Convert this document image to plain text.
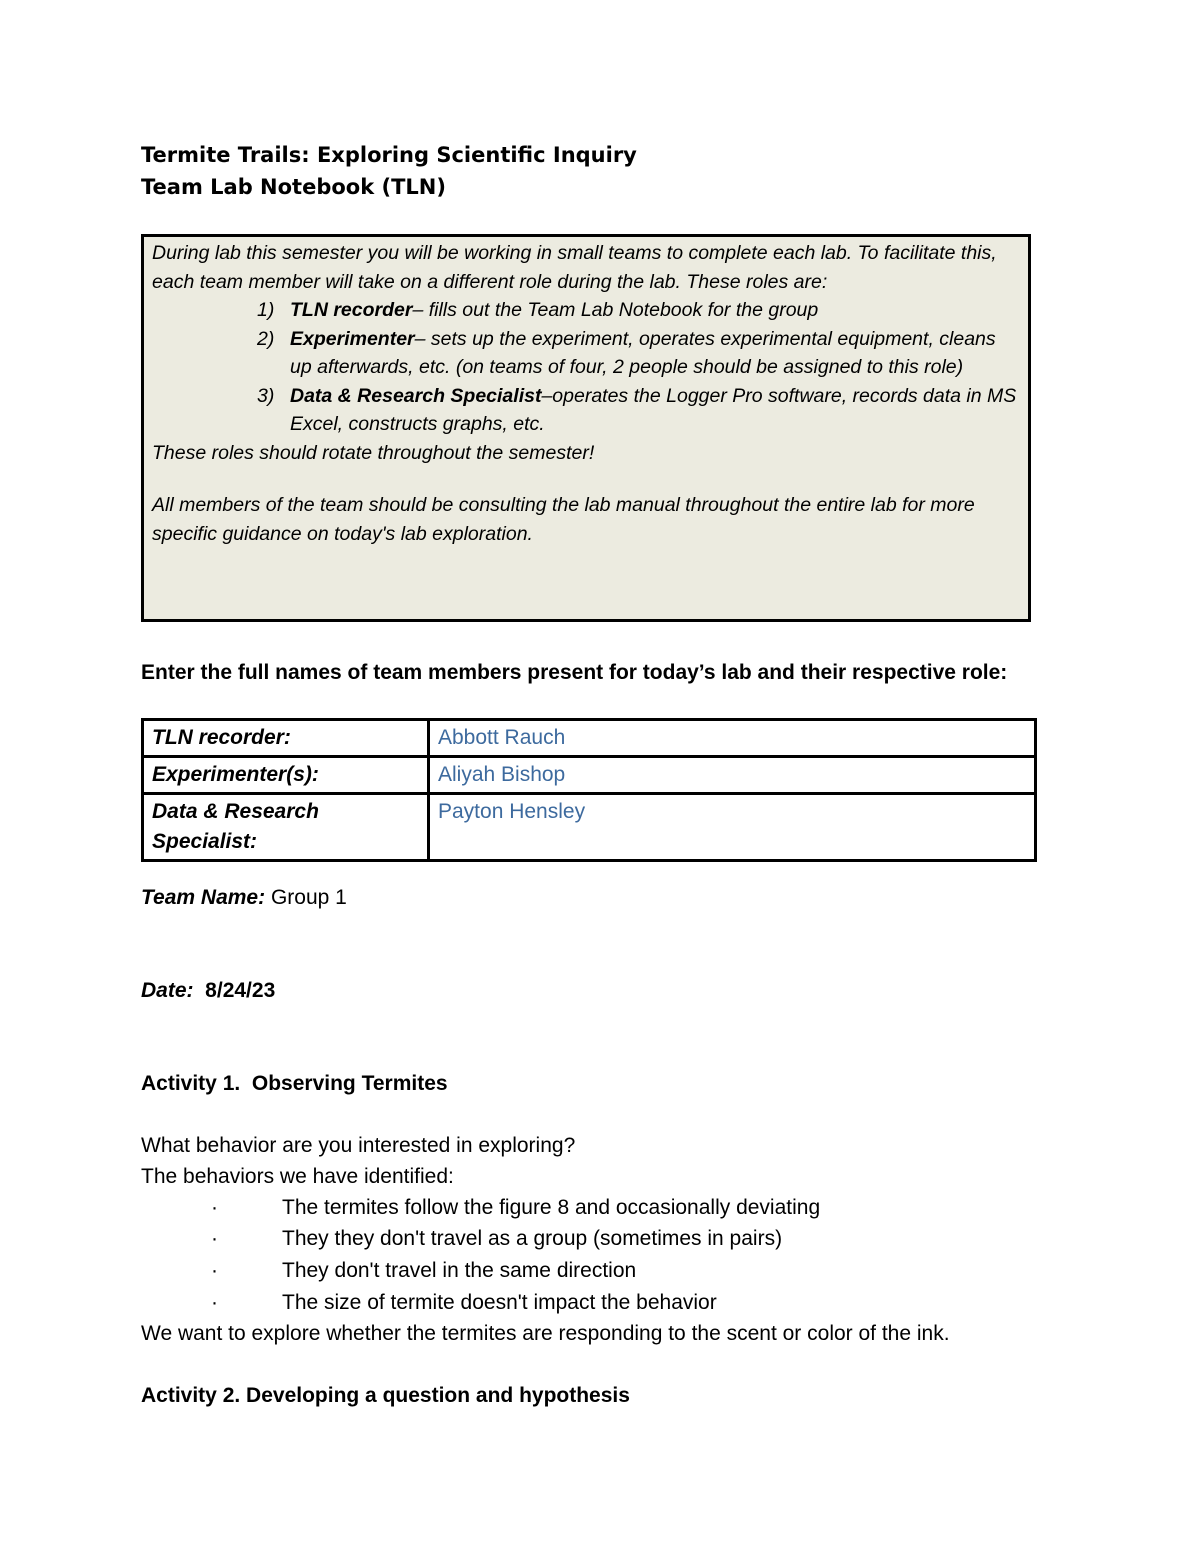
Termite Trails: Exploring Scientific Inquiry
Team Lab Notebook (TLN)

During lab this semester you will be working in small teams to complete each lab. To facilitate this, each team member will take on a different role during the lab. These roles are:

1) TLN recorder– fills out the Team Lab Notebook for the group
2) Experimenter– sets up the experiment, operates experimental equipment, cleans up afterwards, etc. (on teams of four, 2 people should be assigned to this role)
3) Data & Research Specialist–operates the Logger Pro software, records data in MS Excel, constructs graphs, etc.

These roles should rotate throughout the semester!

All members of the team should be consulting the lab manual throughout the entire lab for more specific guidance on today's lab exploration.

Enter the full names of team members present for today’s lab and their respective role:
TLN recorder:	Abbott Rauch
Experimenter(s):	Aliyah Bishop
Data & Research Specialist:	Payton Hensley
Team Name: Group 1
Date:  8/24/23
Activity 1.  Observing Termites
What behavior are you interested in exploring?
The behaviors we have identified:
·	The termites follow the figure 8 and occasionally deviating
·	They they don't travel as a group (sometimes in pairs)
·	They don't travel in the same direction
·	The size of termite doesn't impact the behavior
We want to explore whether the termites are responding to the scent or color of the ink.
Activity 2. Developing a question and hypothesis
